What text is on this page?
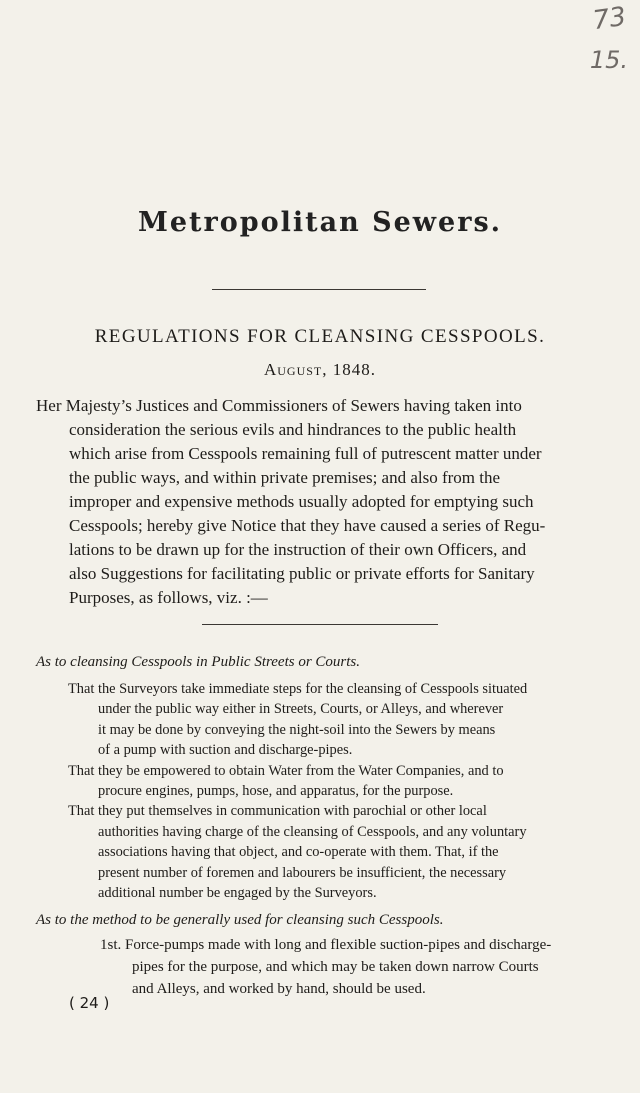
73
15.
Metropolitan Sewers.
REGULATIONS FOR CLEANSING CESSPOOLS.
August, 1848.
Her Majesty’s Justices and Commissioners of Sewers having taken into
consideration the serious evils and hindrances to the public health
which arise from Cesspools remaining full of putrescent matter under
the public ways, and within private premises; and also from the
improper and expensive methods usually adopted for emptying such
Cesspools; hereby give Notice that they have caused a series of Regu-
lations to be drawn up for the instruction of their own Officers, and
also Suggestions for facilitating public or private efforts for Sanitary
Purposes, as follows, viz. :—
As to cleansing Cesspools in Public Streets or Courts.
That the Surveyors take immediate steps for the cleansing of Cesspools situated
under the public way either in Streets, Courts, or Alleys, and wherever
it may be done by conveying the night-soil into the Sewers by means
of a pump with suction and discharge-pipes.
That they be empowered to obtain Water from the Water Companies, and to
procure engines, pumps, hose, and apparatus, for the purpose.
That they put themselves in communication with parochial or other local
authorities having charge of the cleansing of Cesspools, and any voluntary
associations having that object, and co-operate with them. That, if the
present number of foremen and labourers be insufficient, the necessary
additional number be engaged by the Surveyors.
As to the method to be generally used for cleansing such Cesspools.
1st. Force-pumps made with long and flexible suction-pipes and discharge-
pipes for the purpose, and which may be taken down narrow Courts
and Alleys, and worked by hand, should be used.
( 24 )
